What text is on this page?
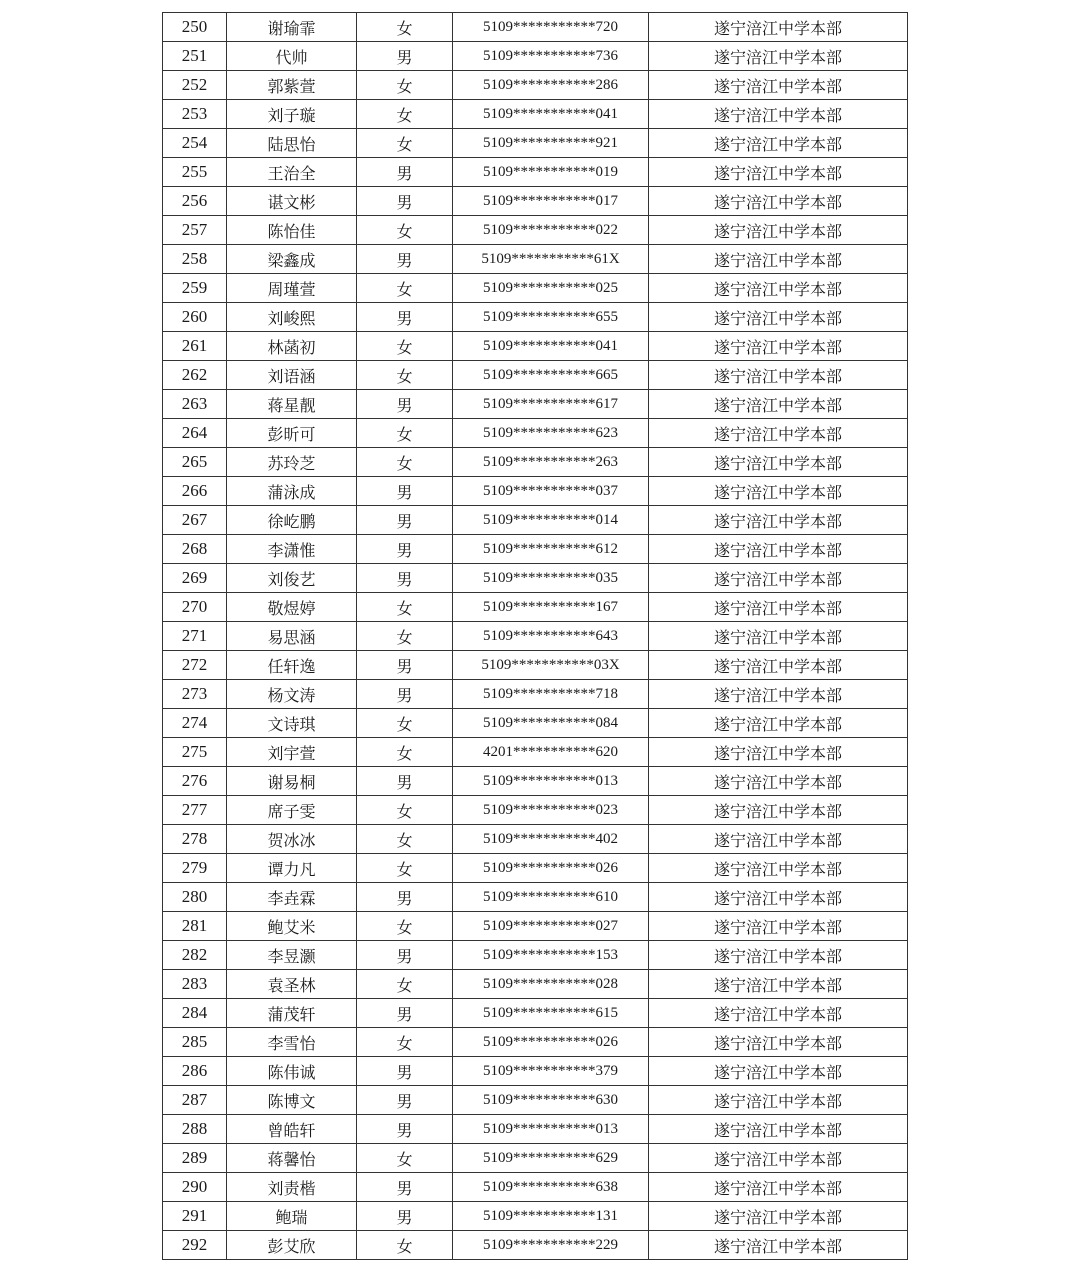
250	谢瑜霏	女	5109***********720	遂宁涪江中学本部
251	代帅	男	5109***********736	遂宁涪江中学本部
252	郭紫萱	女	5109***********286	遂宁涪江中学本部
253	刘子璇	女	5109***********041	遂宁涪江中学本部
254	陆思怡	女	5109***********921	遂宁涪江中学本部
255	王治全	男	5109***********019	遂宁涪江中学本部
256	谌文彬	男	5109***********017	遂宁涪江中学本部
257	陈怡佳	女	5109***********022	遂宁涪江中学本部
258	梁鑫成	男	5109***********61X	遂宁涪江中学本部
259	周瑾萱	女	5109***********025	遂宁涪江中学本部
260	刘峻熙	男	5109***********655	遂宁涪江中学本部
261	林菡初	女	5109***********041	遂宁涪江中学本部
262	刘语涵	女	5109***********665	遂宁涪江中学本部
263	蒋星靓	男	5109***********617	遂宁涪江中学本部
264	彭昕可	女	5109***********623	遂宁涪江中学本部
265	苏玲芝	女	5109***********263	遂宁涪江中学本部
266	蒲泳成	男	5109***********037	遂宁涪江中学本部
267	徐屹鹏	男	5109***********014	遂宁涪江中学本部
268	李潇惟	男	5109***********612	遂宁涪江中学本部
269	刘俊艺	男	5109***********035	遂宁涪江中学本部
270	敬煜婷	女	5109***********167	遂宁涪江中学本部
271	易思涵	女	5109***********643	遂宁涪江中学本部
272	任轩逸	男	5109***********03X	遂宁涪江中学本部
273	杨文涛	男	5109***********718	遂宁涪江中学本部
274	文诗琪	女	5109***********084	遂宁涪江中学本部
275	刘宇萱	女	4201***********620	遂宁涪江中学本部
276	谢易桐	男	5109***********013	遂宁涪江中学本部
277	席子雯	女	5109***********023	遂宁涪江中学本部
278	贺冰冰	女	5109***********402	遂宁涪江中学本部
279	谭力凡	女	5109***********026	遂宁涪江中学本部
280	李垚霖	男	5109***********610	遂宁涪江中学本部
281	鲍艾米	女	5109***********027	遂宁涪江中学本部
282	李昱灏	男	5109***********153	遂宁涪江中学本部
283	袁圣林	女	5109***********028	遂宁涪江中学本部
284	蒲茂轩	男	5109***********615	遂宁涪江中学本部
285	李雪怡	女	5109***********026	遂宁涪江中学本部
286	陈伟诚	男	5109***********379	遂宁涪江中学本部
287	陈博文	男	5109***********630	遂宁涪江中学本部
288	曾皓轩	男	5109***********013	遂宁涪江中学本部
289	蒋馨怡	女	5109***********629	遂宁涪江中学本部
290	刘责楷	男	5109***********638	遂宁涪江中学本部
291	鲍瑞	男	5109***********131	遂宁涪江中学本部
292	彭艾欣	女	5109***********229	遂宁涪江中学本部
